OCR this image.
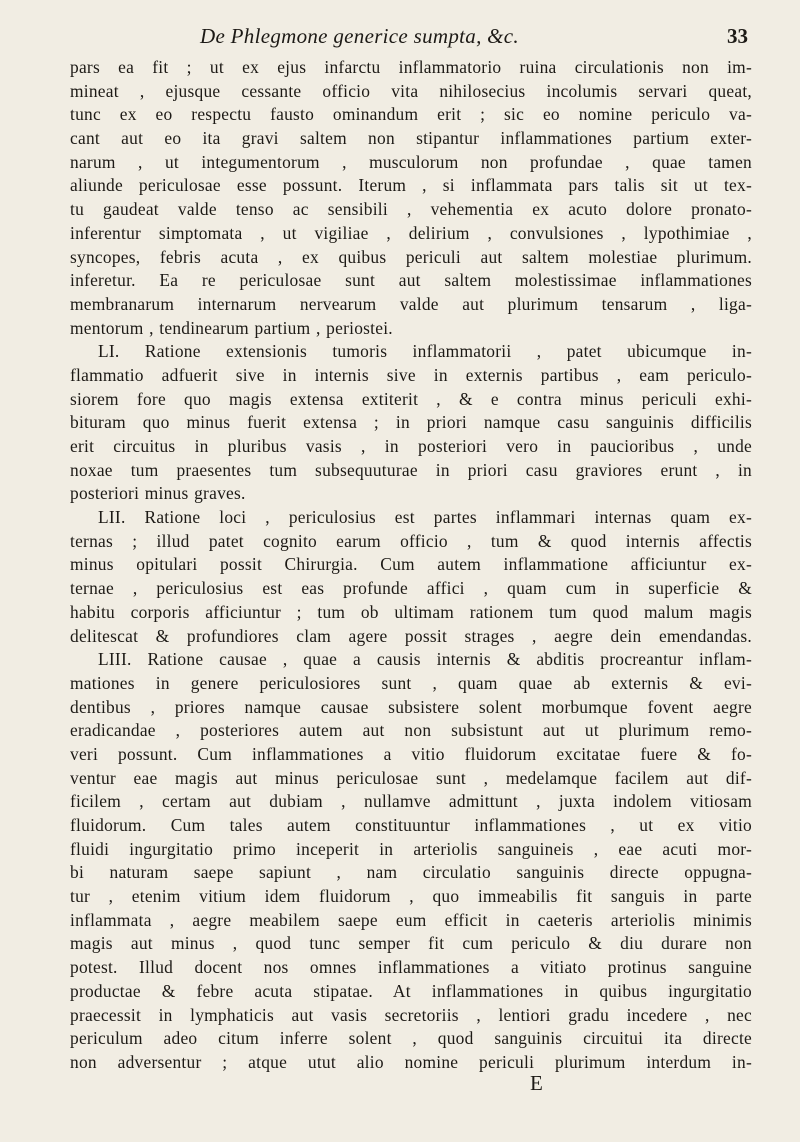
De Phlegmone generice sumpta, &c.	33
pars ea fit ; ut ex ejus infarctu inflammatorio ruina circulationis non im-
mineat , ejusque cessante officio vita nihilosecius incolumis servari queat,
tunc ex eo respectu fausto ominandum erit ; sic eo nomine periculo va-
cant aut eo ita gravi saltem non stipantur inflammationes partium exter-
narum , ut integumentorum , musculorum non profundae , quae tamen
aliunde periculosae esse possunt. Iterum , si inflammata pars talis sit ut tex-
tu gaudeat valde tenso ac sensibili , vehementia ex acuto dolore pronato-
inferentur simptomata , ut vigiliae , delirium , convulsiones , lypothimiae ,
syncopes, febris acuta , ex quibus periculi aut saltem molestiae plurimum.
inferetur. Ea re periculosae sunt aut saltem molestissimae inflammationes
membranarum internarum nervearum valde aut plurimum tensarum , liga-
mentorum , tendinearum partium , periostei.
LI. Ratione extensionis tumoris inflammatorii , patet ubicumque in-
flammatio adfuerit sive in internis sive in externis partibus , eam periculo-
siorem fore quo magis extensa extiterit , & e contra minus periculi exhi-
bituram quo minus fuerit extensa ; in priori namque casu sanguinis difficilis
erit circuitus in pluribus vasis , in posteriori vero in paucioribus , unde
noxae tum praesentes tum subsequuturae in priori casu graviores erunt , in
posteriori minus graves.
LII. Ratione loci , periculosius est partes inflammari internas quam ex-
ternas ; illud patet cognito earum officio , tum & quod internis affectis
minus opitulari possit Chirurgia. Cum autem inflammatione afficiuntur ex-
ternae , periculosius est eas profunde affici , quam cum in superficie &
habitu corporis afficiuntur ; tum ob ultimam rationem tum quod malum magis
delitescat & profundiores clam agere possit strages , aegre dein emendandas.
LIII. Ratione causae , quae a causis internis & abditis procreantur inflam-
mationes in genere periculosiores sunt , quam quae ab externis & evi-
dentibus , priores namque causae subsistere solent morbumque fovent aegre
eradicandae , posteriores autem aut non subsistunt aut ut plurimum remo-
veri possunt. Cum inflammationes a vitio fluidorum excitatae fuere & fo-
ventur eae magis aut minus periculosae sunt , medelamque facilem aut dif-
ficilem , certam aut dubiam , nullamve admittunt , juxta indolem vitiosam
fluidorum. Cum tales autem constituuntur inflammationes , ut ex vitio
fluidi ingurgitatio primo inceperit in arteriolis sanguineis , eae acuti mor-
bi naturam saepe sapiunt , nam circulatio sanguinis directe oppugna-
tur , etenim vitium idem fluidorum , quo immeabilis fit sanguis in parte
inflammata , aegre meabilem saepe eum efficit in caeteris arteriolis minimis
magis aut minus , quod tunc semper fit cum periculo & diu durare non
potest. Illud docent nos omnes inflammationes a vitiato protinus sanguine
productae & febre acuta stipatae. At inflammationes in quibus ingurgitatio
praecessit in lymphaticis aut vasis secretoriis , lentiori gradu incedere , nec
periculum adeo citum inferre solent , quod sanguinis circuitui ita directe
non adversentur ; atque utut alio nomine periculi plurimum interdum in-
E
